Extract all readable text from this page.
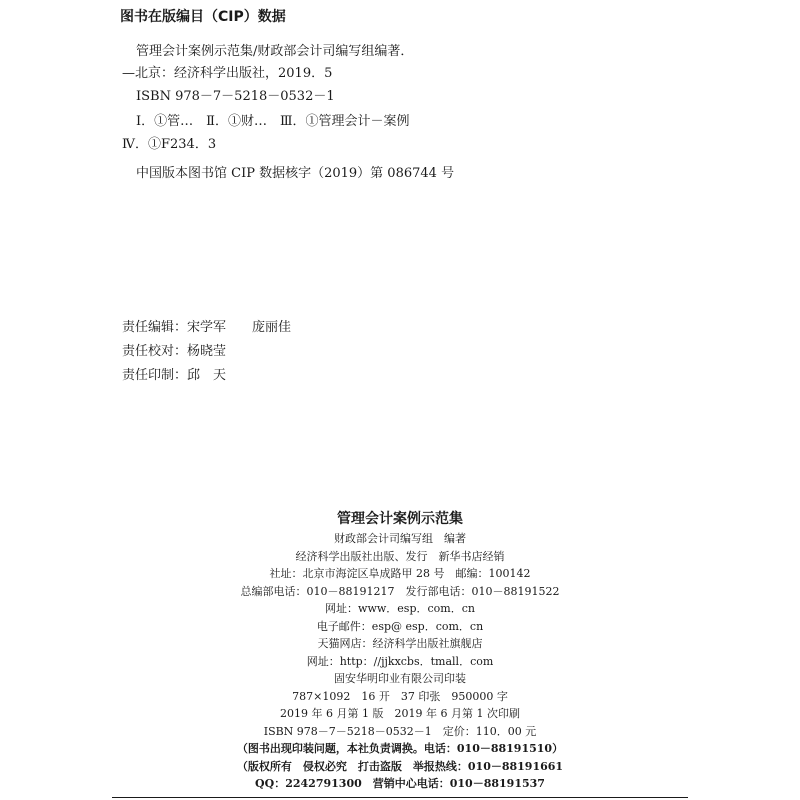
图书在版编目（CIP）数据
管理会计案例示范集/财政部会计司编写组编著．
—北京：经济科学出版社，2019．5
ISBN 978－7－5218－0532－1
Ⅰ．①管…　Ⅱ．①财…　Ⅲ．①管理会计－案例
Ⅳ．①F234．3
中国版本图书馆 CIP 数据核字（2019）第 086744 号
责任编辑：宋学军　　庞丽佳
责任校对：杨晓莹
责任印制：邱　天
管理会计案例示范集
财政部会计司编写组　编著
经济科学出版社出版、发行　新华书店经销
社址：北京市海淀区阜成路甲 28 号　邮编：100142
总编部电话：010－88191217　发行部电话：010－88191522
网址：www．esp．com．cn
电子邮件：esp@ esp．com．cn
天猫网店：经济科学出版社旗舰店
网址：http：//jjkxcbs．tmall．com
固安华明印业有限公司印装
787×1092　16 开　37 印张　950000 字
2019 年 6 月第 1 版　2019 年 6 月第 1 次印刷
ISBN 978－7－5218－0532－1　定价：110．00 元
（图书出现印装问题，本社负责调换。电话：010－88191510）
（版权所有　侵权必究　打击盗版　举报热线：010－88191661
QQ：2242791300　营销中心电话：010－88191537
